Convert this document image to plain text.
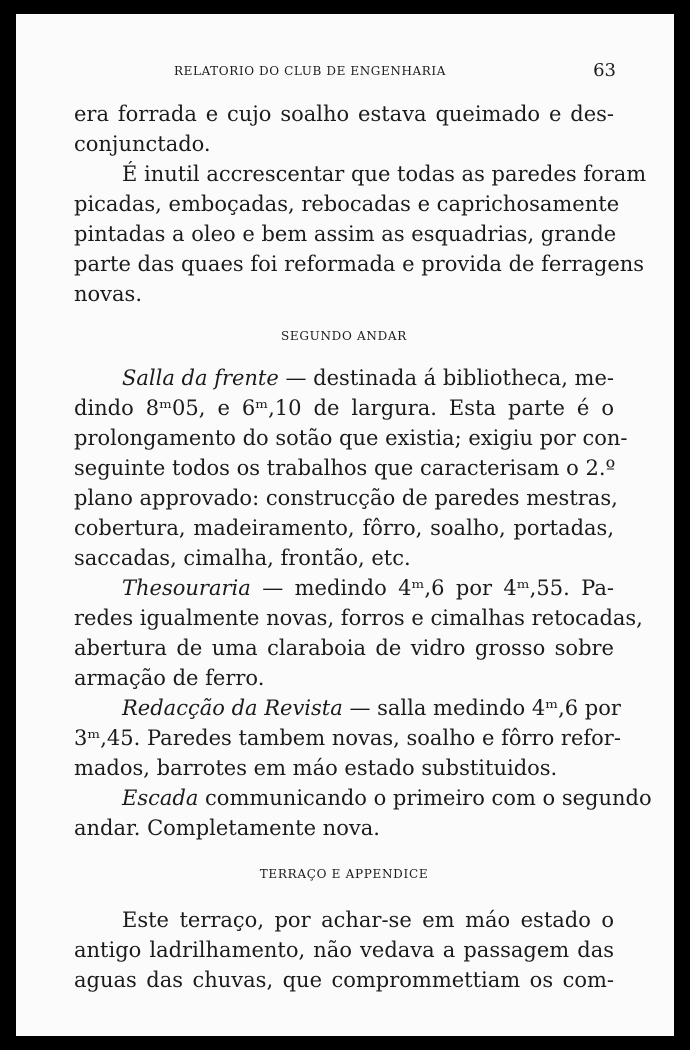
RELATORIO DO CLUB DE ENGENHARIA	63
era forrada e cujo soalho estava queimado e des-
conjunctado.
É inutil accrescentar que todas as paredes foram
picadas, emboçadas, rebocadas e caprichosamente
pintadas a oleo e bem assim as esquadrias, grande
parte das quaes foi reformada e provida de ferragens
novas.
SEGUNDO ANDAR
Salla da frente — destinada á bibliotheca, me-
dindo 8ᵐ05, e 6ᵐ,10 de largura. Esta parte é o
prolongamento do sotão que existia; exigiu por con-
seguinte todos os trabalhos que caracterisam o 2.º
plano approvado: construcção de paredes mestras,
cobertura, madeiramento, fôrro, soalho, portadas,
saccadas, cimalha, frontão, etc.
Thesouraria — medindo 4ᵐ,6 por 4ᵐ,55. Pa-
redes igualmente novas, forros e cimalhas retocadas,
abertura de uma claraboia de vidro grosso sobre
armação de ferro.
Redacção da Revista — salla medindo 4ᵐ,6 por
3ᵐ,45. Paredes tambem novas, soalho e fôrro refor-
mados, barrotes em máo estado substituidos.
Escada communicando o primeiro com o segundo
andar. Completamente nova.
TERRAÇO E APPENDICE
Este terraço, por achar-se em máo estado o
antigo ladrilhamento, não vedava a passagem das
aguas das chuvas, que comprommettiam os com-
